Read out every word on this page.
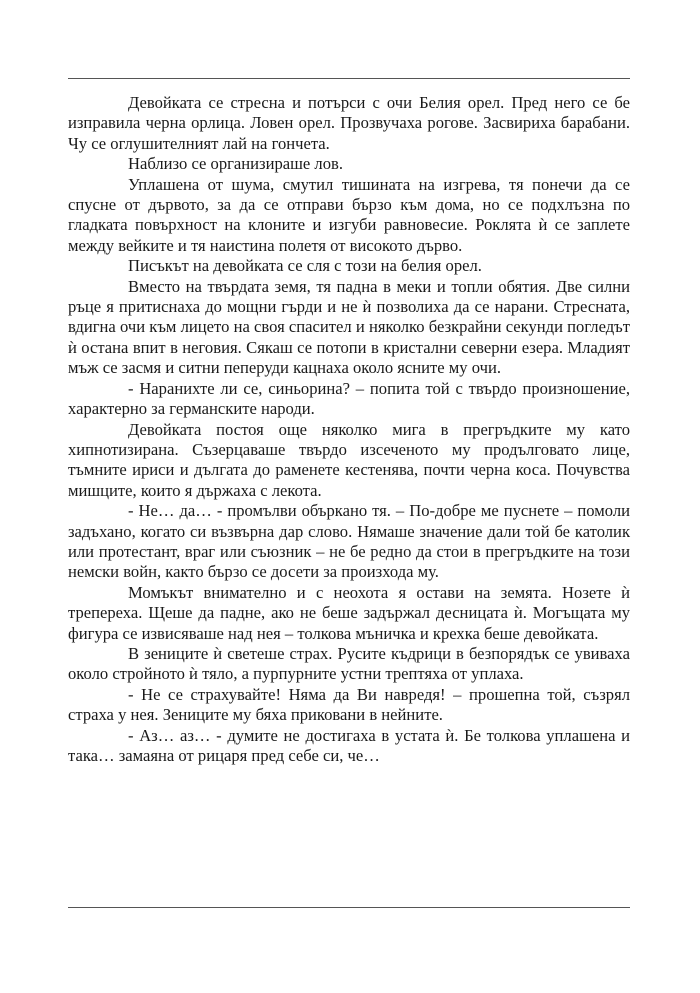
Девойката се стресна и потърси с очи Белия орел. Пред него се бе изправила черна орлица. Ловен орел. Прозвучаха рогове. Засвириха барабани. Чу се оглушителният лай на гончета.

Наблизо се организираше лов.

Уплашена от шума, смутил тишината на изгрева, тя понечи да се спусне от дървото, за да се отправи бързо към дома, но се подхлъзна по гладката повърхност на клоните и изгуби равновесие. Роклята ѝ се заплете между вейките и тя наистина полетя от високото дърво.

Писъкът на девойката се сля с този на белия орел.

Вместо на твърдата земя, тя падна в меки и топли обятия. Две силни ръце я притиснаха до мощни гърди и не ѝ позволиха да се нарани. Стресната, вдигна очи към лицето на своя спасител и няколко безкрайни секунди погледът ѝ остана впит в неговия. Сякаш се потопи в кристални северни езера. Младият мъж се засмя и ситни пеперуди кацнаха около ясните му очи.

- Наранихте ли се, синьорина? – попита той с твърдо произношение, характерно за германските народи.

Девойката постоя още няколко мига в прегръдките му като хипнотизирана. Съзерцаваше твърдо изсеченото му продълговато лице, тъмните ириси и дългата до раменете кестенява, почти черна коса. Почувства мишците, които я държаха с лекота.

- Не… да… - промълви объркано тя. – По-добре ме пуснете – помоли задъхано, когато си възвърна дар слово. Нямаше значение дали той бе католик или протестант, враг или съюзник – не бе редно да стои в прегръдките на този немски войн, както бързо се досети за произхода му.

Момъкът внимателно и с неохота я остави на земята. Нозете ѝ трепереха. Щеше да падне, ако не беше задържал десницата ѝ. Могъщата му фигура се извисяваше над нея – толкова мъничка и крехка беше девойката.

В зениците ѝ светеше страх. Русите къдрици в безпорядък се увиваха около стройното ѝ тяло, а пурпурните устни трептяха от уплаха.

- Не се страхувайте! Няма да Ви навредя! – прошепна той, съзрял страха у нея. Зениците му бяха приковани в нейните.

- Аз… аз… - думите не достигаха в устата ѝ. Бе толкова уплашена и така… замаяна от рицаря пред себе си, че…
